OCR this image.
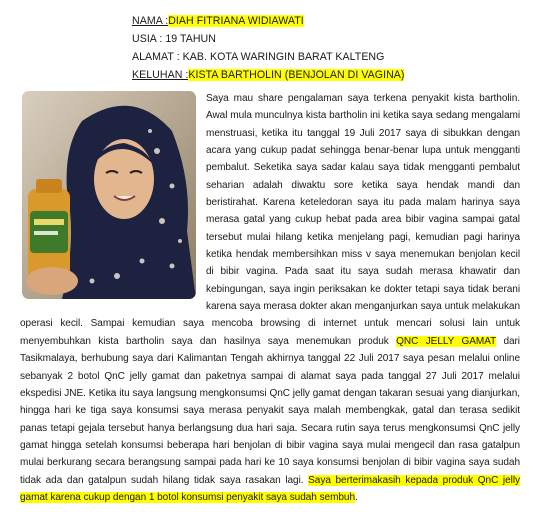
NAMA :DIAH FITRIANA WIDIAWATI
USIA : 19 TAHUN
ALAMAT : KAB. KOTA WARINGIN BARAT KALTENG
KELUHAN :KISTA BARTHOLIN (BENJOLAN DI VAGINA)

Saya mau share pengalaman saya terkena penyakit kista bartholin. Awal mula munculnya kista bartholin ini ketika saya sedang mengalami menstruasi, ketika itu tanggal 19 Juli 2017 saya di sibukkan dengan acara yang cukup padat sehingga benar-benar lupa untuk mengganti pembalut. Seketika saya sadar kalau saya tidak mengganti pembalut seharian adalah diwaktu sore ketika saya hendak mandi dan beristirahat. Karena keteledoran saya itu pada malam harinya saya merasa gatal yang cukup hebat pada area bibir vagina sampai gatal tersebut mulai hilang ketika menjelang pagi, kemudian pagi harinya ketika hendak membersihkan miss v saya menemukan benjolan kecil di bibir vagina. Pada saat itu saya sudah merasa khawatir dan kebingungan, saya ingin periksakan ke dokter tetapi saya tidak berani karena saya merasa dokter akan menganjurkan saya untuk melakukan operasi kecil. Sampai kemudian saya mencoba browsing di internet untuk mencari solusi lain untuk menyembuhkan kista bartholin saya dan hasilnya saya menemukan produk QNC JELLY GAMAT dari Tasikmalaya, berhubung saya dari Kalimantan Tengah akhirnya tanggal 22 Juli 2017 saya pesan melalui online sebanyak 2 botol QnC jelly gamat dan paketnya sampai di alamat saya pada tanggal 27 Juli 2017 melalui ekspedisi JNE. Ketika itu saya langsung mengkonsumsi QnC jelly gamat dengan takaran sesuai yang dianjurkan, hingga hari ke tiga saya konsumsi saya merasa penyakit saya malah membengkak, gatal dan terasa sedikit panas tetapi gejala tersebut hanya berlangsung dua hari saja. Secara rutin saya terus mengkonsumsi QnC jelly gamat hingga setelah konsumsi beberapa hari benjolan di bibir vagina saya mulai mengecil dan rasa gatalpun mulai berkurang secara berangsung sampai pada hari ke 10 saya konsumsi benjolan di bibir vagina saya sudah tidak ada dan gatalpun sudah hilang tidak saya rasakan lagi. Saya berterimakasih kepada produk QnC jelly gamat karena cukup dengan 1 botol konsumsi penyakit saya sudah sembuh.
